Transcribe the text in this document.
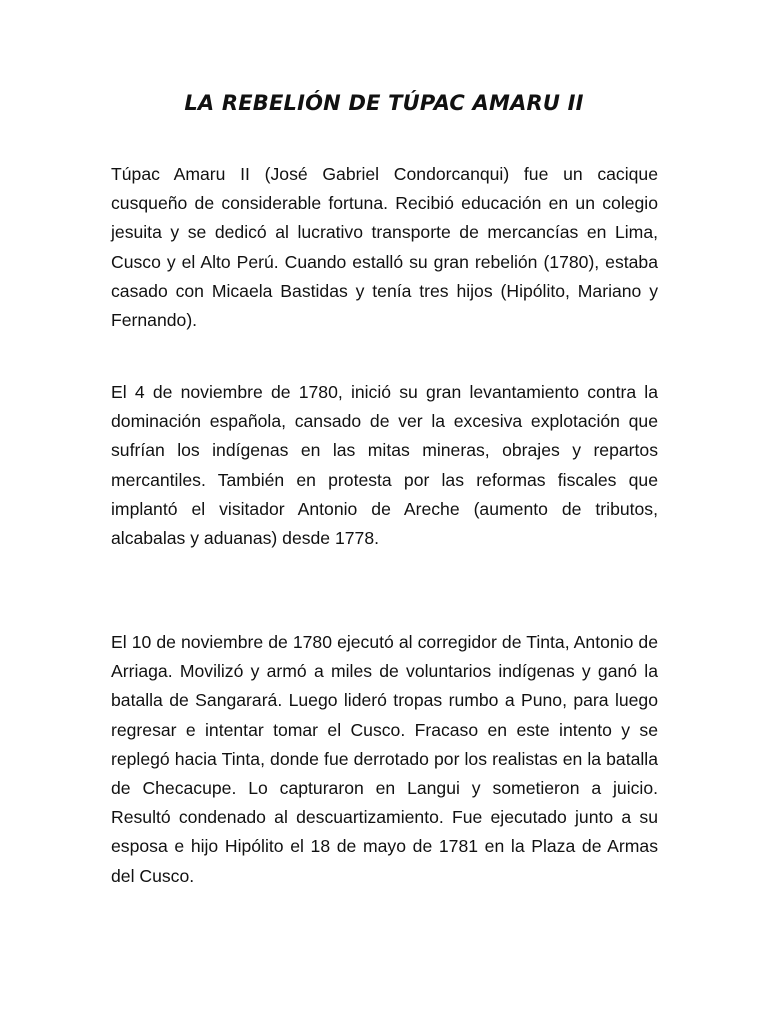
LA REBELIÓN DE TÚPAC AMARU II

Túpac Amaru II (José Gabriel Condorcanqui) fue un cacique cusqueño de considerable fortuna. Recibió educación en un colegio jesuita y se dedicó al lucrativo transporte de mercancías en Lima, Cusco y el Alto Perú. Cuando estalló su gran rebelión (1780), estaba casado con Micaela Bastidas y tenía tres hijos (Hipólito, Mariano y Fernando).

El 4 de noviembre de 1780, inició su gran levantamiento contra la dominación española, cansado de ver la excesiva explotación que sufrían los indígenas en las mitas mineras, obrajes y repartos mercantiles. También en protesta por las reformas fiscales que implantó el visitador Antonio de Areche (aumento de tributos, alcabalas y aduanas) desde 1778.

El 10 de noviembre de 1780 ejecutó al corregidor de Tinta, Antonio de Arriaga. Movilizó y armó a miles de voluntarios indígenas y ganó la batalla de Sangarará. Luego lideró tropas rumbo a Puno, para luego regresar e intentar tomar el Cusco. Fracaso en este intento y se replegó hacia Tinta, donde fue derrotado por los realistas en la batalla de Checacupe. Lo capturaron en Langui y sometieron a juicio. Resultó condenado al descuartizamiento. Fue ejecutado junto a su esposa e hijo Hipólito el 18 de mayo de 1781 en la Plaza de Armas del Cusco.
